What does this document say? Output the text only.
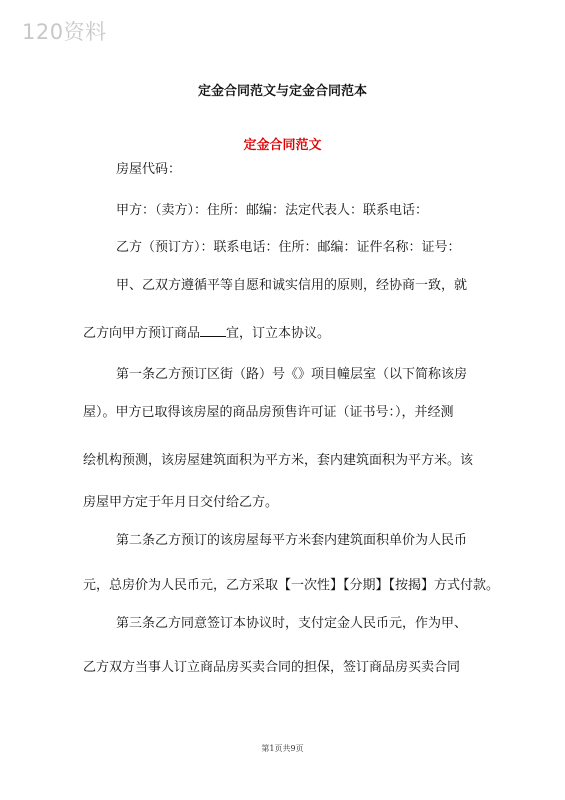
120资料
定金合同范文与定金合同范本
定金合同范文
房屋代码：
甲方：（卖方）：住所：邮编：法定代表人：联系电话：
乙方（预订方）：联系电话：住所：邮编：证件名称：证号：
甲、乙双方遵循平等自愿和诚实信用的原则，经协商一致，就
乙方向甲方预订商品 宜，订立本协议。
第一条乙方预订区街（路）号《》项目幢层室（以下简称该房
屋）。甲方已取得该房屋的商品房预售许可证（证书号：），并经测
绘机构预测，该房屋建筑面积为平方米，套内建筑面积为平方米。该
房屋甲方定于年月日交付给乙方。
第二条乙方预订的该房屋每平方米套内建筑面积单价为人民币
元，总房价为人民币元，乙方采取【一次性】【分期】【按揭】方式付款。
第三条乙方同意签订本协议时，支付定金人民币元，作为甲、
乙方双方当事人订立商品房买卖合同的担保，签订商品房买卖合同
第1页共9页
